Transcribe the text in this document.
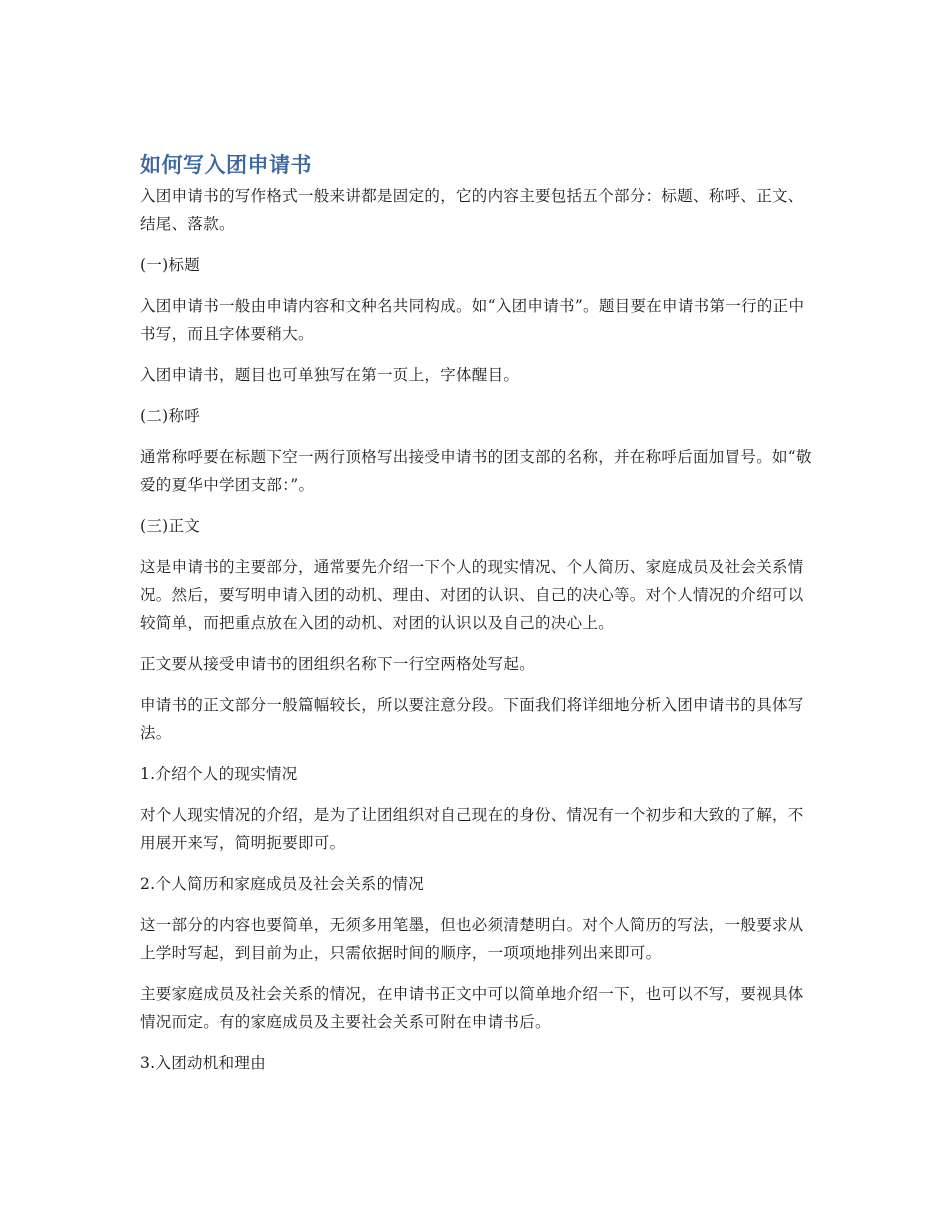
如何写入团申请书

入团申请书的写作格式一般来讲都是固定的，它的内容主要包括五个部分：标题、称呼、正文、结尾、落款。

(一)标题

入团申请书一般由申请内容和文种名共同构成。如“入团申请书”。题目要在申请书第一行的正中书写，而且字体要稍大。

入团申请书，题目也可单独写在第一页上，字体醒目。

(二)称呼

通常称呼要在标题下空一两行顶格写出接受申请书的团支部的名称，并在称呼后面加冒号。如“敬爱的夏华中学团支部：”。

(三)正文

这是申请书的主要部分，通常要先介绍一下个人的现实情况、个人简历、家庭成员及社会关系情况。然后，要写明申请入团的动机、理由、对团的认识、自己的决心等。对个人情况的介绍可以较简单，而把重点放在入团的动机、对团的认识以及自己的决心上。

正文要从接受申请书的团组织名称下一行空两格处写起。

申请书的正文部分一般篇幅较长，所以要注意分段。下面我们将详细地分析入团申请书的具体写法。

1.介绍个人的现实情况

对个人现实情况的介绍，是为了让团组织对自己现在的身份、情况有一个初步和大致的了解，不用展开来写，简明扼要即可。

2.个人简历和家庭成员及社会关系的情况

这一部分的内容也要简单，无须多用笔墨，但也必须清楚明白。对个人简历的写法，一般要求从上学时写起，到目前为止，只需依据时间的顺序，一项项地排列出来即可。

主要家庭成员及社会关系的情况，在申请书正文中可以简单地介绍一下，也可以不写，要视具体情况而定。有的家庭成员及主要社会关系可附在申请书后。

3.入团动机和理由
